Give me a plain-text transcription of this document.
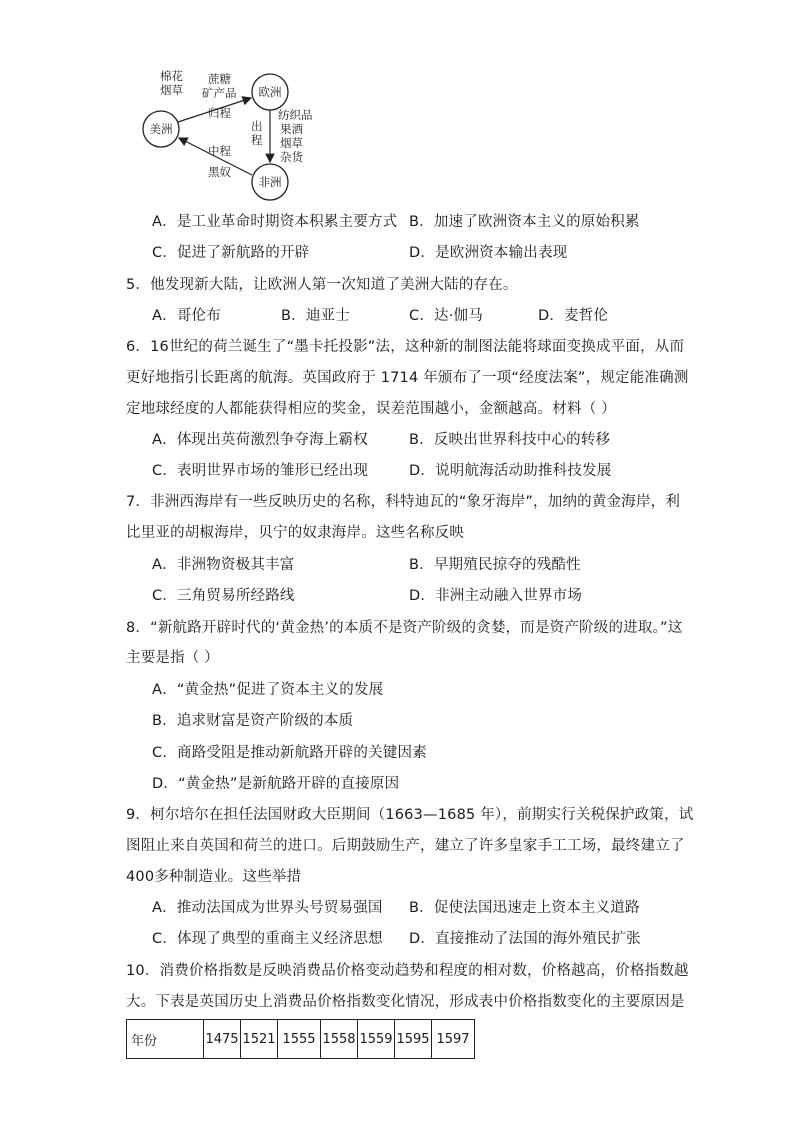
美洲
欧洲
非洲
棉花
烟草
蔗糖
矿产品
归程
出
程
纺织品
果酒
烟草
杂货
中程
黑奴
A．是工业革命时期资本积累主要方式 B．加速了欧洲资本主义的原始积累
C．促进了新航路的开辟	D．是欧洲资本输出表现
5．他发现新大陆，让欧洲人第一次知道了美洲大陆的存在。
A．哥伦布	B．迪亚士	C．达·伽马	D．麦哲伦
6．16世纪的荷兰诞生了“墨卡托投影”法，这种新的制图法能将球面变换成平面，从而
更好地指引长距离的航海。英国政府于 1714 年颁布了一项“经度法案”，规定能准确测
定地球经度的人都能获得相应的奖金，误差范围越小，金额越高。材料（ ）
A．体现出英荷激烈争夺海上霸权	B．反映出世界科技中心的转移
C．表明世界市场的雏形已经出现	D．说明航海活动助推科技发展
7．非洲西海岸有一些反映历史的名称，科特迪瓦的“象牙海岸”，加纳的黄金海岸，利
比里亚的胡椒海岸，贝宁的奴隶海岸。这些名称反映
A．非洲物资极其丰富	B．早期殖民掠夺的残酷性
C．三角贸易所经路线	D．非洲主动融入世界市场
8．“新航路开辟时代的‘黄金热’的本质不是资产阶级的贪婪，而是资产阶级的进取。”这
主要是指（ ）
A．“黄金热”促进了资本主义的发展
B．追求财富是资产阶级的本质
C．商路受阻是推动新航路开辟的关键因素
D．“黄金热”是新航路开辟的直接原因
9．柯尔培尔在担任法国财政大臣期间（1663—1685 年），前期实行关税保护政策，试
图阻止来自英国和荷兰的进口。后期鼓励生产，建立了许多皇家手工工场，最终建立了
400多种制造业。这些举措
A．推动法国成为世界头号贸易强国 B．促使法国迅速走上资本主义道路
C．体现了典型的重商主义经济思想 D．直接推动了法国的海外殖民扩张
10．消费价格指数是反映消费品价格变动趋势和程度的相对数，价格越高，价格指数越
大。下表是英国历史上消费品价格指数变化情况，形成表中价格指数变化的主要原因是
年份	1475	1521	1555	1558	1559	1595	1597
